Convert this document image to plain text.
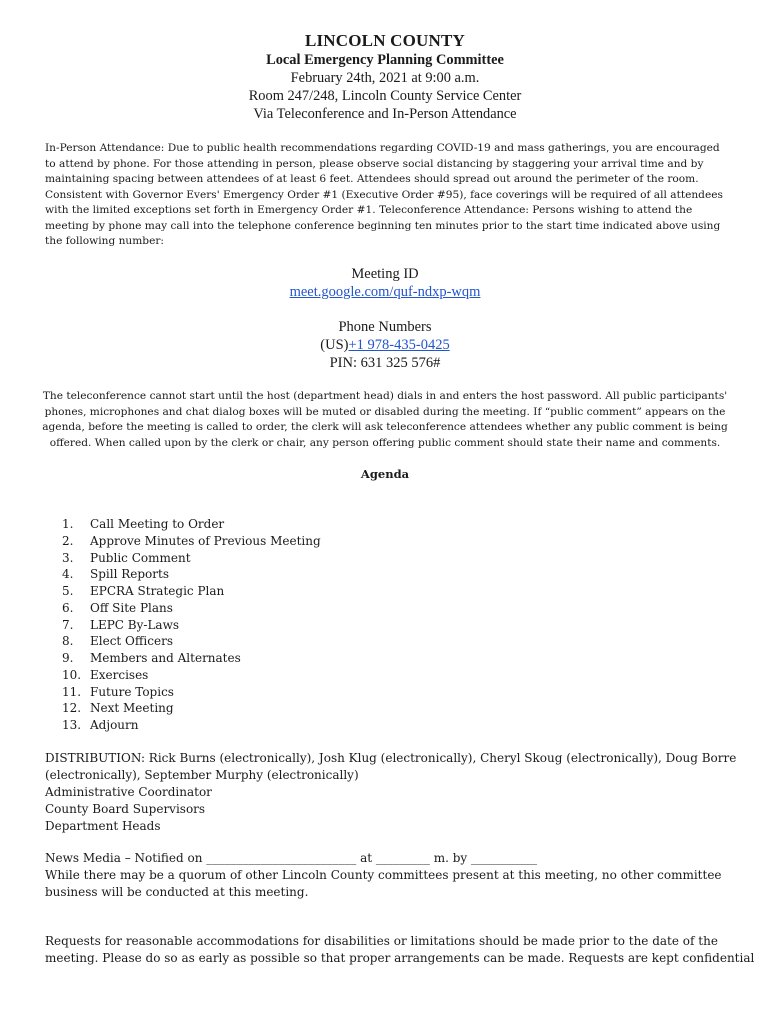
LINCOLN COUNTY
Local Emergency Planning Committee
February 24th, 2021 at 9:00 a.m.
Room 247/248, Lincoln County Service Center
Via Teleconference and In-Person Attendance
In-Person Attendance: Due to public health recommendations regarding COVID-19 and mass gatherings, you are encouraged
to attend by phone. For those attending in person, please observe social distancing by staggering your arrival time and by
maintaining spacing between attendees of at least 6 feet. Attendees should spread out around the perimeter of the room.
Consistent with Governor Evers' Emergency Order #1 (Executive Order #95), face coverings will be required of all attendees
with the limited exceptions set forth in Emergency Order #1. Teleconference Attendance: Persons wishing to attend the
meeting by phone may call into the telephone conference beginning ten minutes prior to the start time indicated above using
the following number:
Meeting ID
meet.google.com/quf-ndxp-wqm
Phone Numbers
(US)+1 978-435-0425
PIN: 631 325 576#
The teleconference cannot start until the host (department head) dials in and enters the host password. All public participants'
phones, microphones and chat dialog boxes will be muted or disabled during the meeting. If “public comment” appears on the
agenda, before the meeting is called to order, the clerk will ask teleconference attendees whether any public comment is being
offered. When called upon by the clerk or chair, any person offering public comment should state their name and comments.
Agenda
1. Call Meeting to Order
2. Approve Minutes of Previous Meeting
3. Public Comment
4. Spill Reports
5. EPCRA Strategic Plan
6. Off Site Plans
7. LEPC By-Laws
8. Elect Officers
9. Members and Alternates
10. Exercises
11. Future Topics
12. Next Meeting
13. Adjourn
DISTRIBUTION: Rick Burns (electronically), Josh Klug (electronically), Cheryl Skoug (electronically), Doug Borre
(electronically), September Murphy (electronically)
Administrative Coordinator
County Board Supervisors
Department Heads
News Media – Notified on _________________________ at _________ m. by ___________
While there may be a quorum of other Lincoln County committees present at this meeting, no other committee
business will be conducted at this meeting.
Requests for reasonable accommodations for disabilities or limitations should be made prior to the date of the
meeting. Please do so as early as possible so that proper arrangements can be made. Requests are kept confidential
